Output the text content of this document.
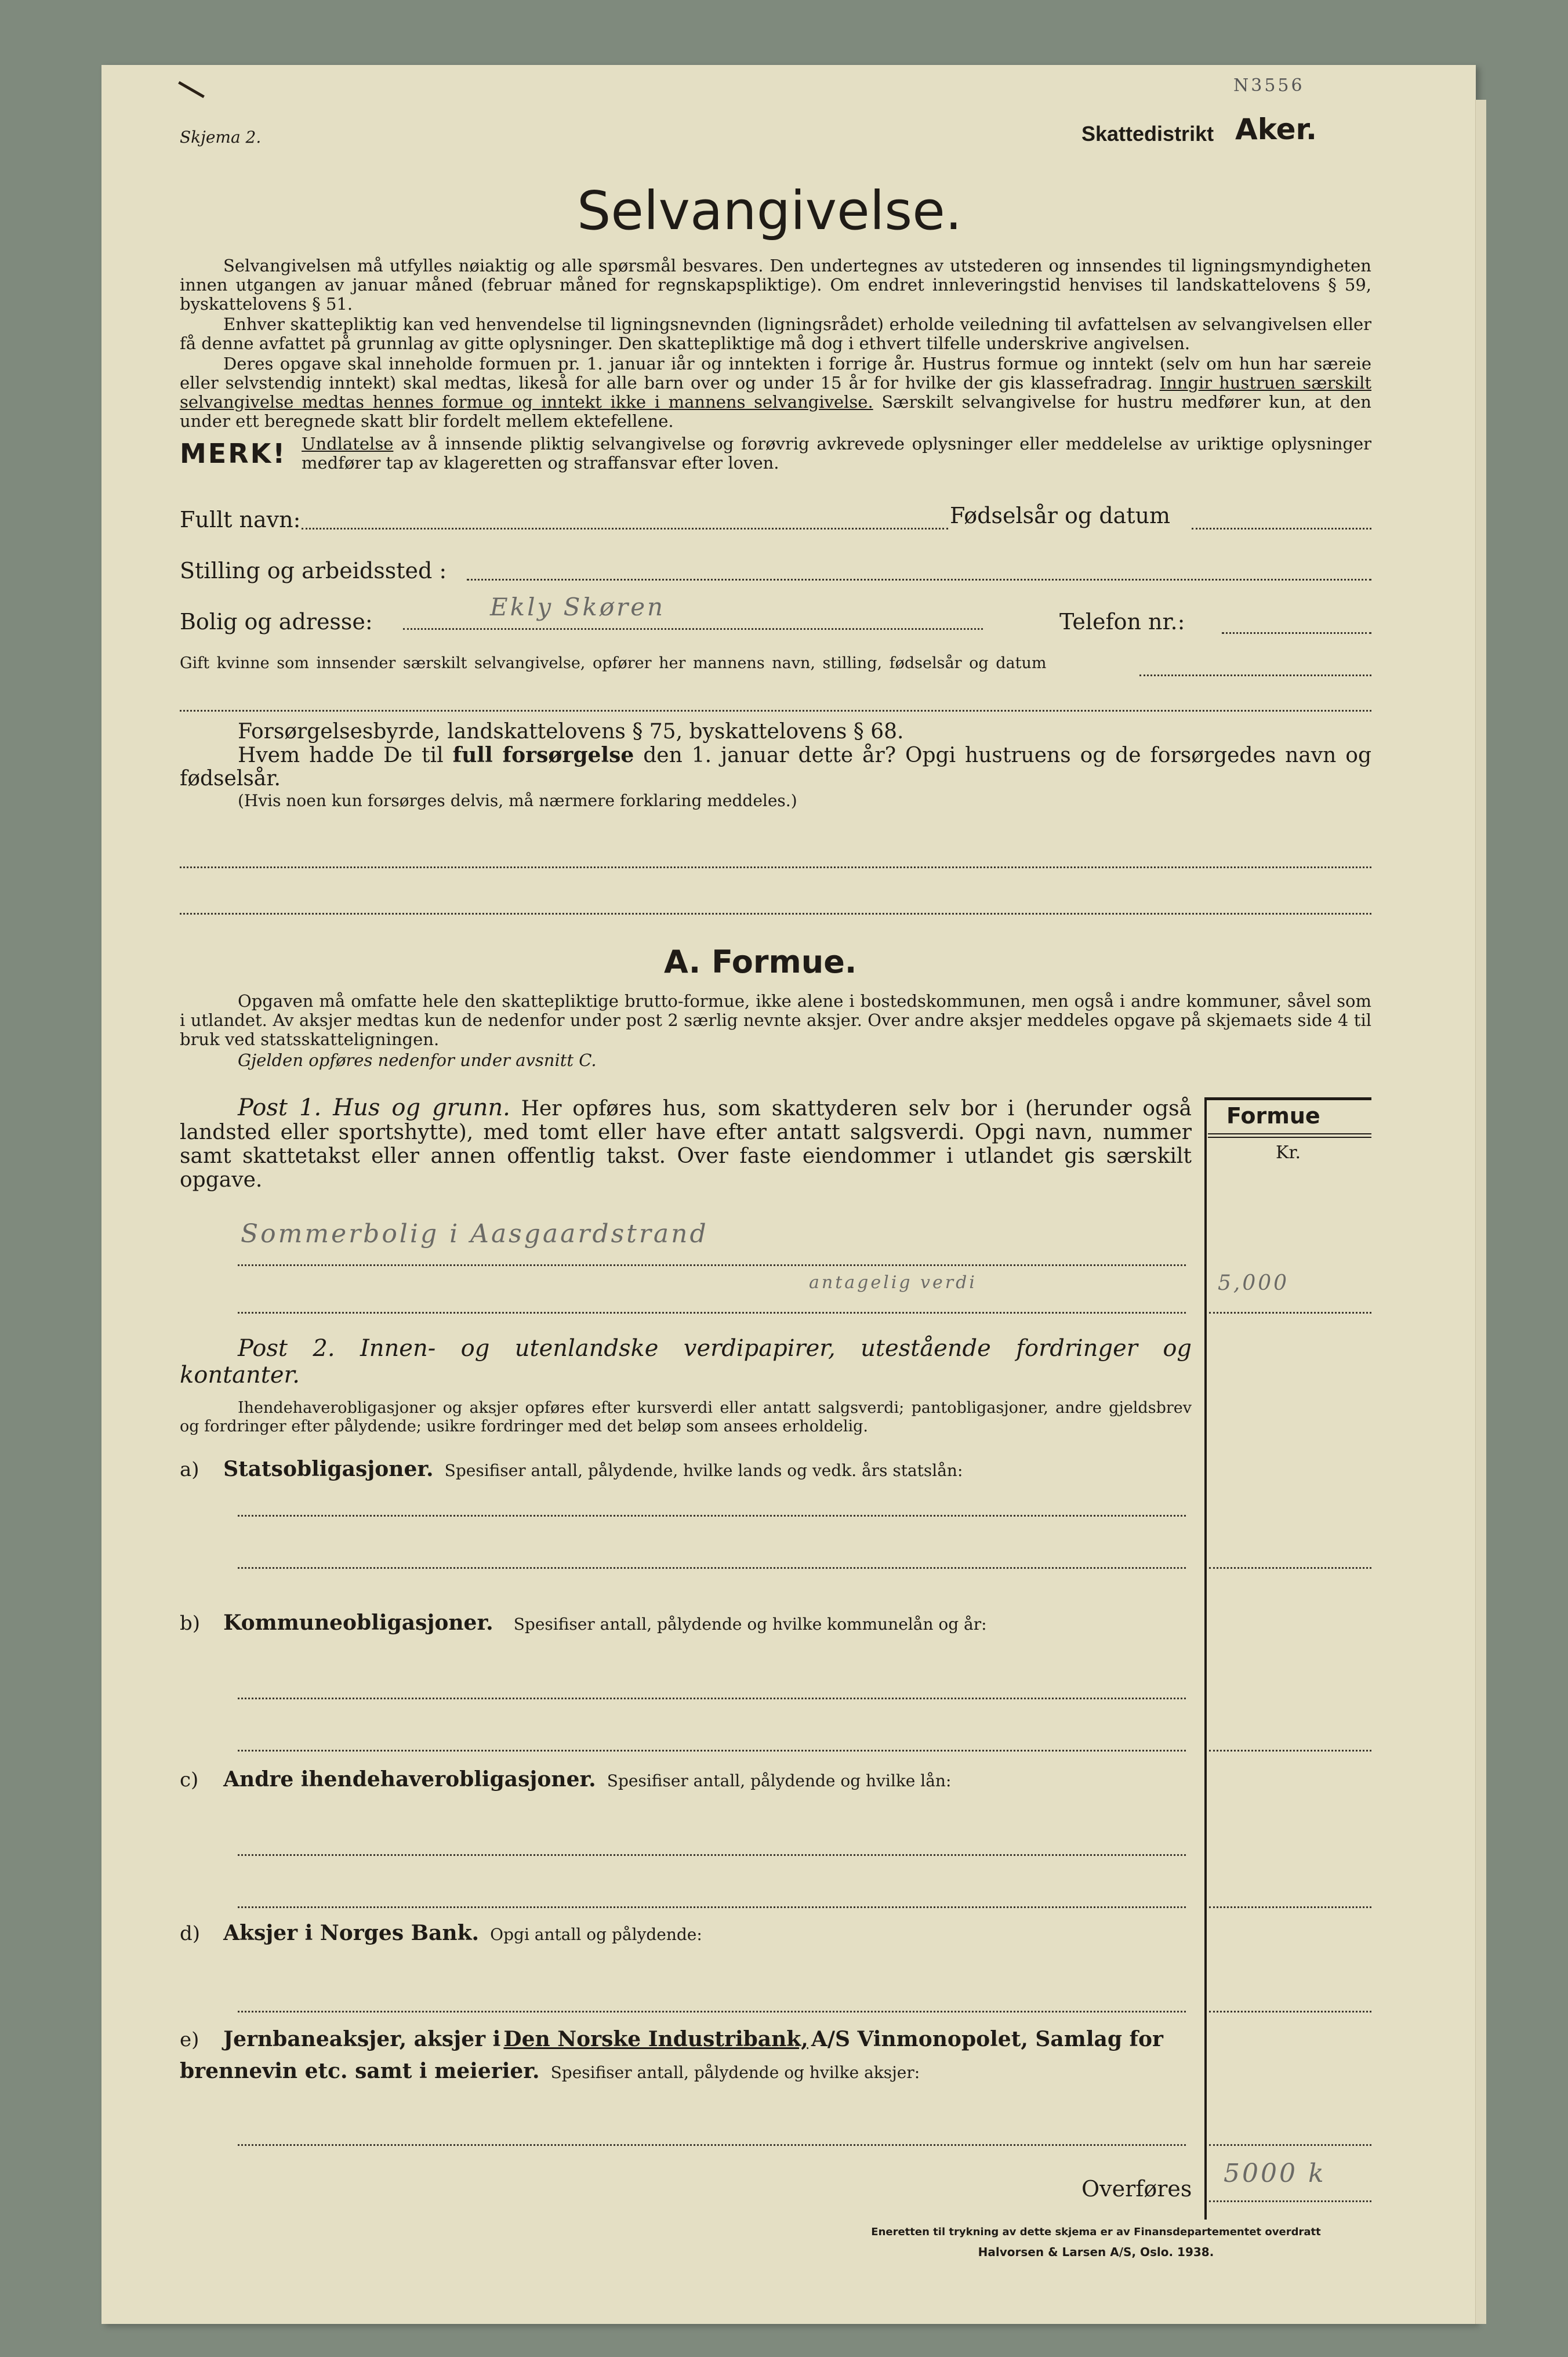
N3556
Skjema 2.	Skattedistrikt Aker.
Selvangivelse.
Selvangivelsen må utfylles nøiaktig og alle spørsmål besvares. Den undertegnes av utstederen og innsendes til ligningsmyndigheten innen utgangen av januar måned (februar måned for regnskapspliktige). Om endret innleveringstid henvises til landskattelovens § 59, byskattelovens § 51.
Enhver skattepliktig kan ved henvendelse til ligningsnevnden (ligningsrådet) erholde veiledning til avfattelsen av selvangivelsen eller få denne avfattet på grunnlag av gitte oplysninger. Den skattepliktige må dog i ethvert tilfelle underskrive angivelsen.
Deres opgave skal inneholde formuen pr. 1. januar iår og inntekten i forrige år. Hustrus formue og inntekt (selv om hun har særeie eller selvstendig inntekt) skal medtas, likeså for alle barn over og under 15 år for hvilke der gis klassefradrag. Inngir hustruen særskilt selvangivelse medtas hennes formue og inntekt ikke i mannens selvangivelse. Særskilt selvangivelse for hustru medfører kun, at den under ett beregnede skatt blir fordelt mellem ektefellene.
MERK! Undlatelse av å innsende pliktig selvangivelse og forøvrig avkrevede oplysninger eller meddelelse av uriktige oplysninger medfører tap av klageretten og straffansvar efter loven.
Fullt navn:	Fødselsår og datum
Stilling og arbeidssted :
Bolig og adresse:
Ekly Skøren
Telefon nr.:
Gift kvinne som innsender særskilt selvangivelse, opfører her mannens navn, stilling, fødselsår og datum
Forsørgelsesbyrde, landskattelovens § 75, byskattelovens § 68.
Hvem hadde De til full forsørgelse den 1. januar dette år? Opgi hustruens og de forsørgedes navn og fødselsår.
(Hvis noen kun forsørges delvis, må nærmere forklaring meddeles.)
A. Formue.
Opgaven må omfatte hele den skattepliktige brutto-formue, ikke alene i bostedskommunen, men også i andre kommuner, såvel som i utlandet. Av aksjer medtas kun de nedenfor under post 2 særlig nevnte aksjer. Over andre aksjer meddeles opgave på skjemaets side 4 til bruk ved statsskatteligningen.
Gjelden opføres nedenfor under avsnitt C.
Formue
Kr.
Post 1. Hus og grunn. Her opføres hus, som skattyderen selv bor i (herunder også landsted eller sportshytte), med tomt eller have efter antatt salgsverdi. Opgi navn, nummer samt skattetakst eller annen offentlig takst. Over faste eiendommer i utlandet gis særskilt opgave.
Sommerbolig i Aasgaardstrand
antagelig verdi	5,000
Post 2. Innen- og utenlandske verdipapirer, utestående fordringer og kontanter.
Ihendehaverobligasjoner og aksjer opføres efter kursverdi eller antatt salgsverdi; pantobligasjoner, andre gjeldsbrev og fordringer efter pålydende; usikre fordringer med det beløp som ansees erholdelig.
a) Statsobligasjoner. Spesifiser antall, pålydende, hvilke lands og vedk. års statslån:
b) Kommuneobligasjoner. Spesifiser antall, pålydende og hvilke kommunelån og år:
c) Andre ihendehaverobligasjoner. Spesifiser antall, pålydende og hvilke lån:
d) Aksjer i Norges Bank. Opgi antall og pålydende:
e) Jernbaneaksjer, aksjer i Den Norske Industribank, A/S Vinmonopolet, Samlag for brennevin etc. samt i meierier. Spesifiser antall, pålydende og hvilke aksjer:
Overføres
5000 k
Eneretten til trykning av dette skjema er av Finansdepartementet overdratt
Halvorsen & Larsen A/S, Oslo. 1938.
